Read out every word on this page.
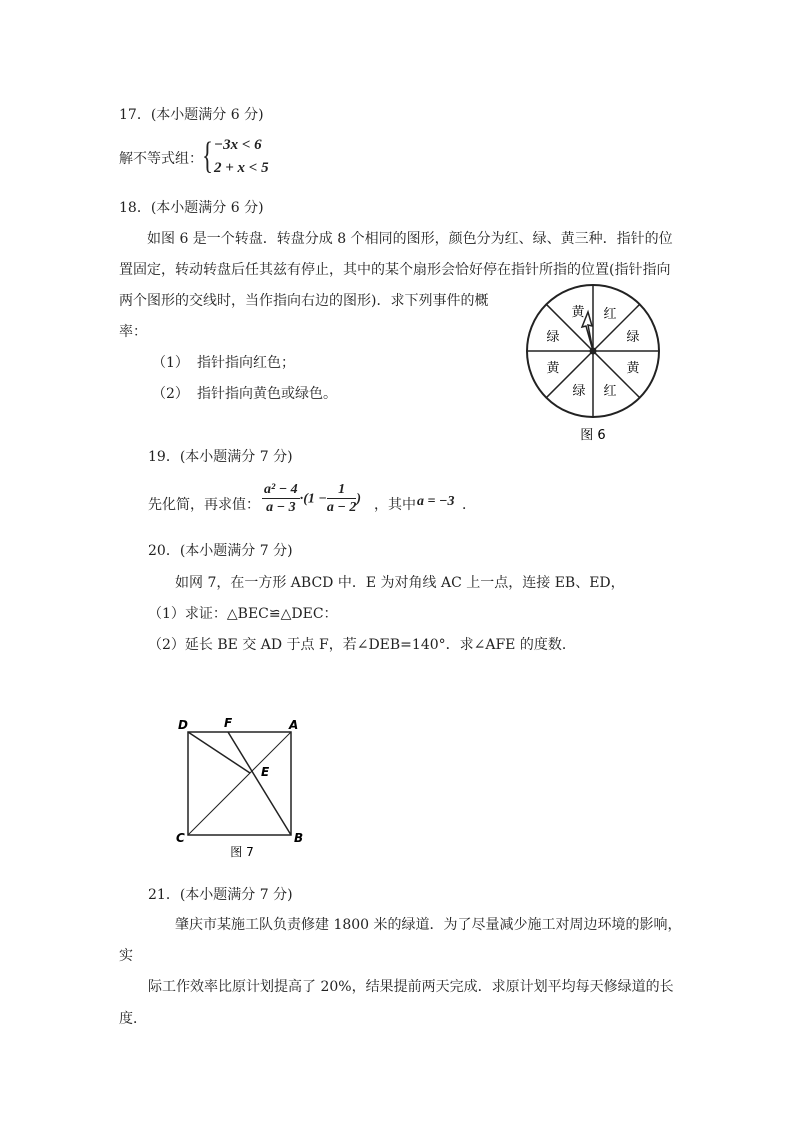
17．(本小题满分 6 分)
解不等式组： { −3x < 6
2 + x < 5
18．(本小题满分 6 分)
如图 6 是一个转盘．转盘分成 8 个相同的图形，颜色分为红、绿、黄三种．指针的位
置固定，转动转盘后任其兹有停止，其中的某个扇形会恰好停在指针所指的位置(指针指向
两个图形的交线时，当作指向右边的图形)．求下列事件的概
率：
（1） 指针指向红色；
（2） 指针指向黄色或绿色。
黄 红
绿
黄
红
绿
黄
绿
图 6
19．(本小题满分 7 分)
先化简，再求值： $\frac{\text{a² − 4}}{a - 3} \cdot(1 - \frac{1}{a - 2}$ ) ，其中 a = −3 ．
20．(本小题满分 7 分)
如网 7，在一方形 ABCD 中．E 为对角线 AC 上一点，连接 EB、ED，
（1）求证：△BEC≌△DEC：
（2）延长 BE 交 AD 于点 F，若∠DEB=140°．求∠AFE 的度数．
D	F	A
E
C	B
图 7
21．(本小题满分 7 分)
肇庆市某施工队负责修建 1800 米的绿道．为了尽量减少施工对周边环境的影响，
实
际工作效率比原计划提高了 20%，结果提前两天完成．求原计划平均每天修绿道的长
度．
